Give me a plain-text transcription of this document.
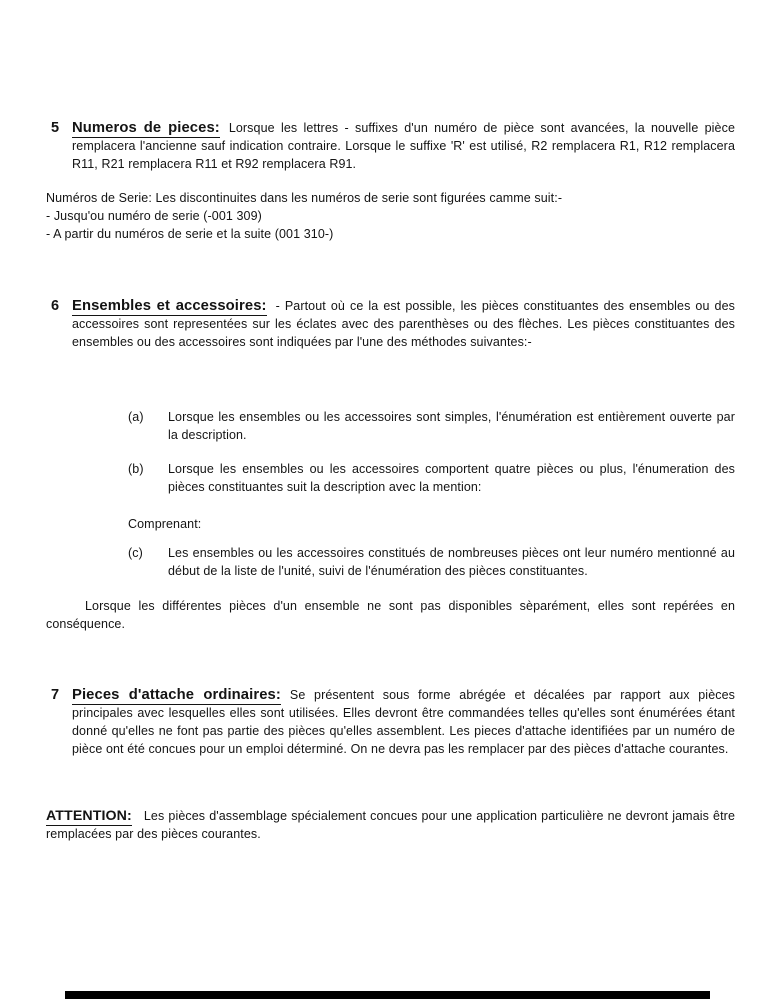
5 Numeros de pieces: Lorsque les lettres - suffixes d'un numéro de pièce sont avancées, la nouvelle pièce remplacera l'ancienne sauf indication contraire. Lorsque le suffixe 'R' est utilisé, R2 remplacera R1, R12 remplacera R11, R21 remplacera R11 et R92 remplacera R91.

Numéros de Serie: Les discontinuites dans les numéros de serie sont figurées camme suit:-

- Jusqu'ou numéro de serie (-001 309)

- A partir du numéros de serie et la suite (001 310-)

6 Ensembles et accessoires: - Partout où ce la est possible, les pièces constituantes des ensembles ou des accessoires sont representées sur les éclates avec des parenthèses ou des flèches. Les pièces constituantes des ensembles ou des accessoires sont indiquées par l'une des méthodes suivantes:-

(a)	Lorsque les ensembles ou les accessoires sont simples, l'énumération est entièrement ouverte par la description.
(b)	Lorsque les ensembles ou les accessoires comportent quatre pièces ou plus, l'énumeration des pièces constituantes suit la description avec la mention:

Comprenant:

(c)	Les ensembles ou les accessoires constitués de nombreuses pièces ont leur numéro mentionné au début de la liste de l'unité, suivi de l'énumération des pièces constituantes.

Lorsque les différentes pièces d'un ensemble ne sont pas disponibles sèparément, elles sont repérées en conséquence.

7 Pieces d'attache ordinaires: Se présentent sous forme abrégée et décalées par rapport aux pièces principales avec lesquelles elles sont utilisées. Elles devront être commandées telles qu'elles sont énumérées étant donné qu'elles ne font pas partie des pièces qu'elles assemblent. Les pieces d'attache identifiées par un numéro de pièce ont été concues pour un emploi déterminé. On ne devra pas les remplacer par des pièces d'attache courantes.

ATTENTION: Les pièces d'assemblage spécialement concues pour une application particulière ne devront jamais être remplacées par des pièces courantes.
